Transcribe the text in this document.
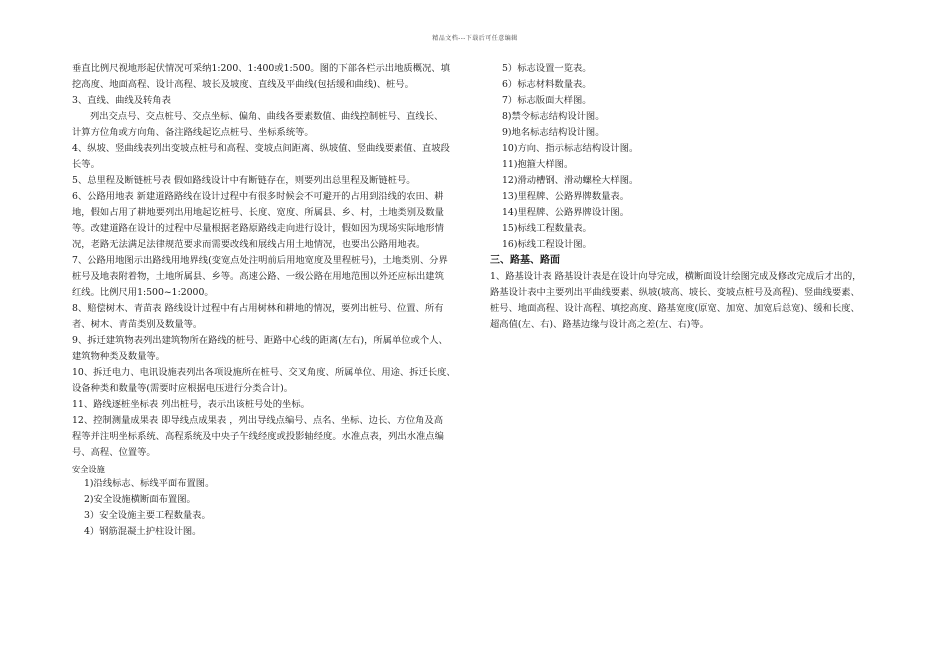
精品文档---下载后可任意编辑

垂直比例尺视地形起伏情况可采纳1:200、1:400或1:500。图的下部各栏示出地质概况、填

挖高度、地面高程、设计高程、坡长及坡度、直线及平曲线(包括缓和曲线)、桩号。

3、直线、曲线及转角表

列出交点号、交点桩号、交点坐标、偏角、曲线各要素数值、曲线控制桩号、直线长、

计算方位角或方向角、备注路线起讫点桩号、坐标系统等。

4、纵坡、竖曲线表列出变坡点桩号和高程、变坡点间距离、纵坡值、竖曲线要素值、直坡段

长等。

5、总里程及断链桩号表 假如路线设计中有断链存在，则要列出总里程及断链桩号。

6、公路用地表 新建道路路线在设计过程中有很多时候会不可避开的占用到沿线的农田、耕

地，假如占用了耕地要列出用地起讫桩号、长度、宽度、所属县、乡、村，土地类别及数量

等。改建道路在设计的过程中尽量根据老路原路线走向进行设计，假如因为现场实际地形情

况，老路无法满足法律规范要求而需要改线和展线占用土地情况，也要出公路用地表。

7、公路用地图示出路线用地界线(变宽点处注明前后用地宽度及里程桩号)，土地类别、分界

桩号及地表附着物，土地所属县、乡等。高速公路、一级公路在用地范围以外还应标出建筑

红线。比例尺用1:500~1:2000。

8、赔偿树木、青苗表 路线设计过程中有占用树林和耕地的情况，要列出桩号、位置、所有

者、树木、青苗类别及数量等。

9、拆迁建筑物表列出建筑物所在路线的桩号、距路中心线的距离(左右)，所属单位或个人、

建筑物种类及数量等。

10、拆迁电力、电讯设施表列出各项设施所在桩号、交叉角度、所属单位、用途、拆迁长度、

设备种类和数量等(需要时应根据电压进行分类合计)。

11、路线逐桩坐标表 列出桩号，表示出该桩号处的坐标。

12、控制测量成果表 即导线点成果表 ，列出导线点编号、点名、坐标、边长、方位角及高

程等并注明坐标系统、高程系统及中央子午线经度或投影轴经度。水准点表，列出水准点编

号、高程、位置等。

安全设施

1)沿线标志、标线平面布置图。

2)安全设施横断面布置图。

3）安全设施主要工程数量表。

4）钢筋混凝土护柱设计图。

5）标志设置一览表。

6）标志材料数量表。

7）标志版面大样图。

8)禁令标志结构设计图。

9)地名标志结构设计图。

10)方向、指示标志结构设计图。

11)抱箍大样图。

12)滑动槽钢、滑动螺栓大样图。

13)里程牌、公路界牌数量表。

14)里程牌、公路界牌设计图。

15)标线工程数量表。

16)标线工程设计图。

三、路基、路面

1、路基设计表 路基设计表是在设计向导完成，横断面设计绘图完成及修改完成后才出的，

路基设计表中主要列出平曲线要素、纵坡(坡高、坡长、变坡点桩号及高程)、竖曲线要素、

桩号、地面高程、设计高程、填挖高度、路基宽度(原宽、加宽、加宽后总宽)、缓和长度、

超高值(左、右)、路基边缘与设计高之差(左、右)等。
